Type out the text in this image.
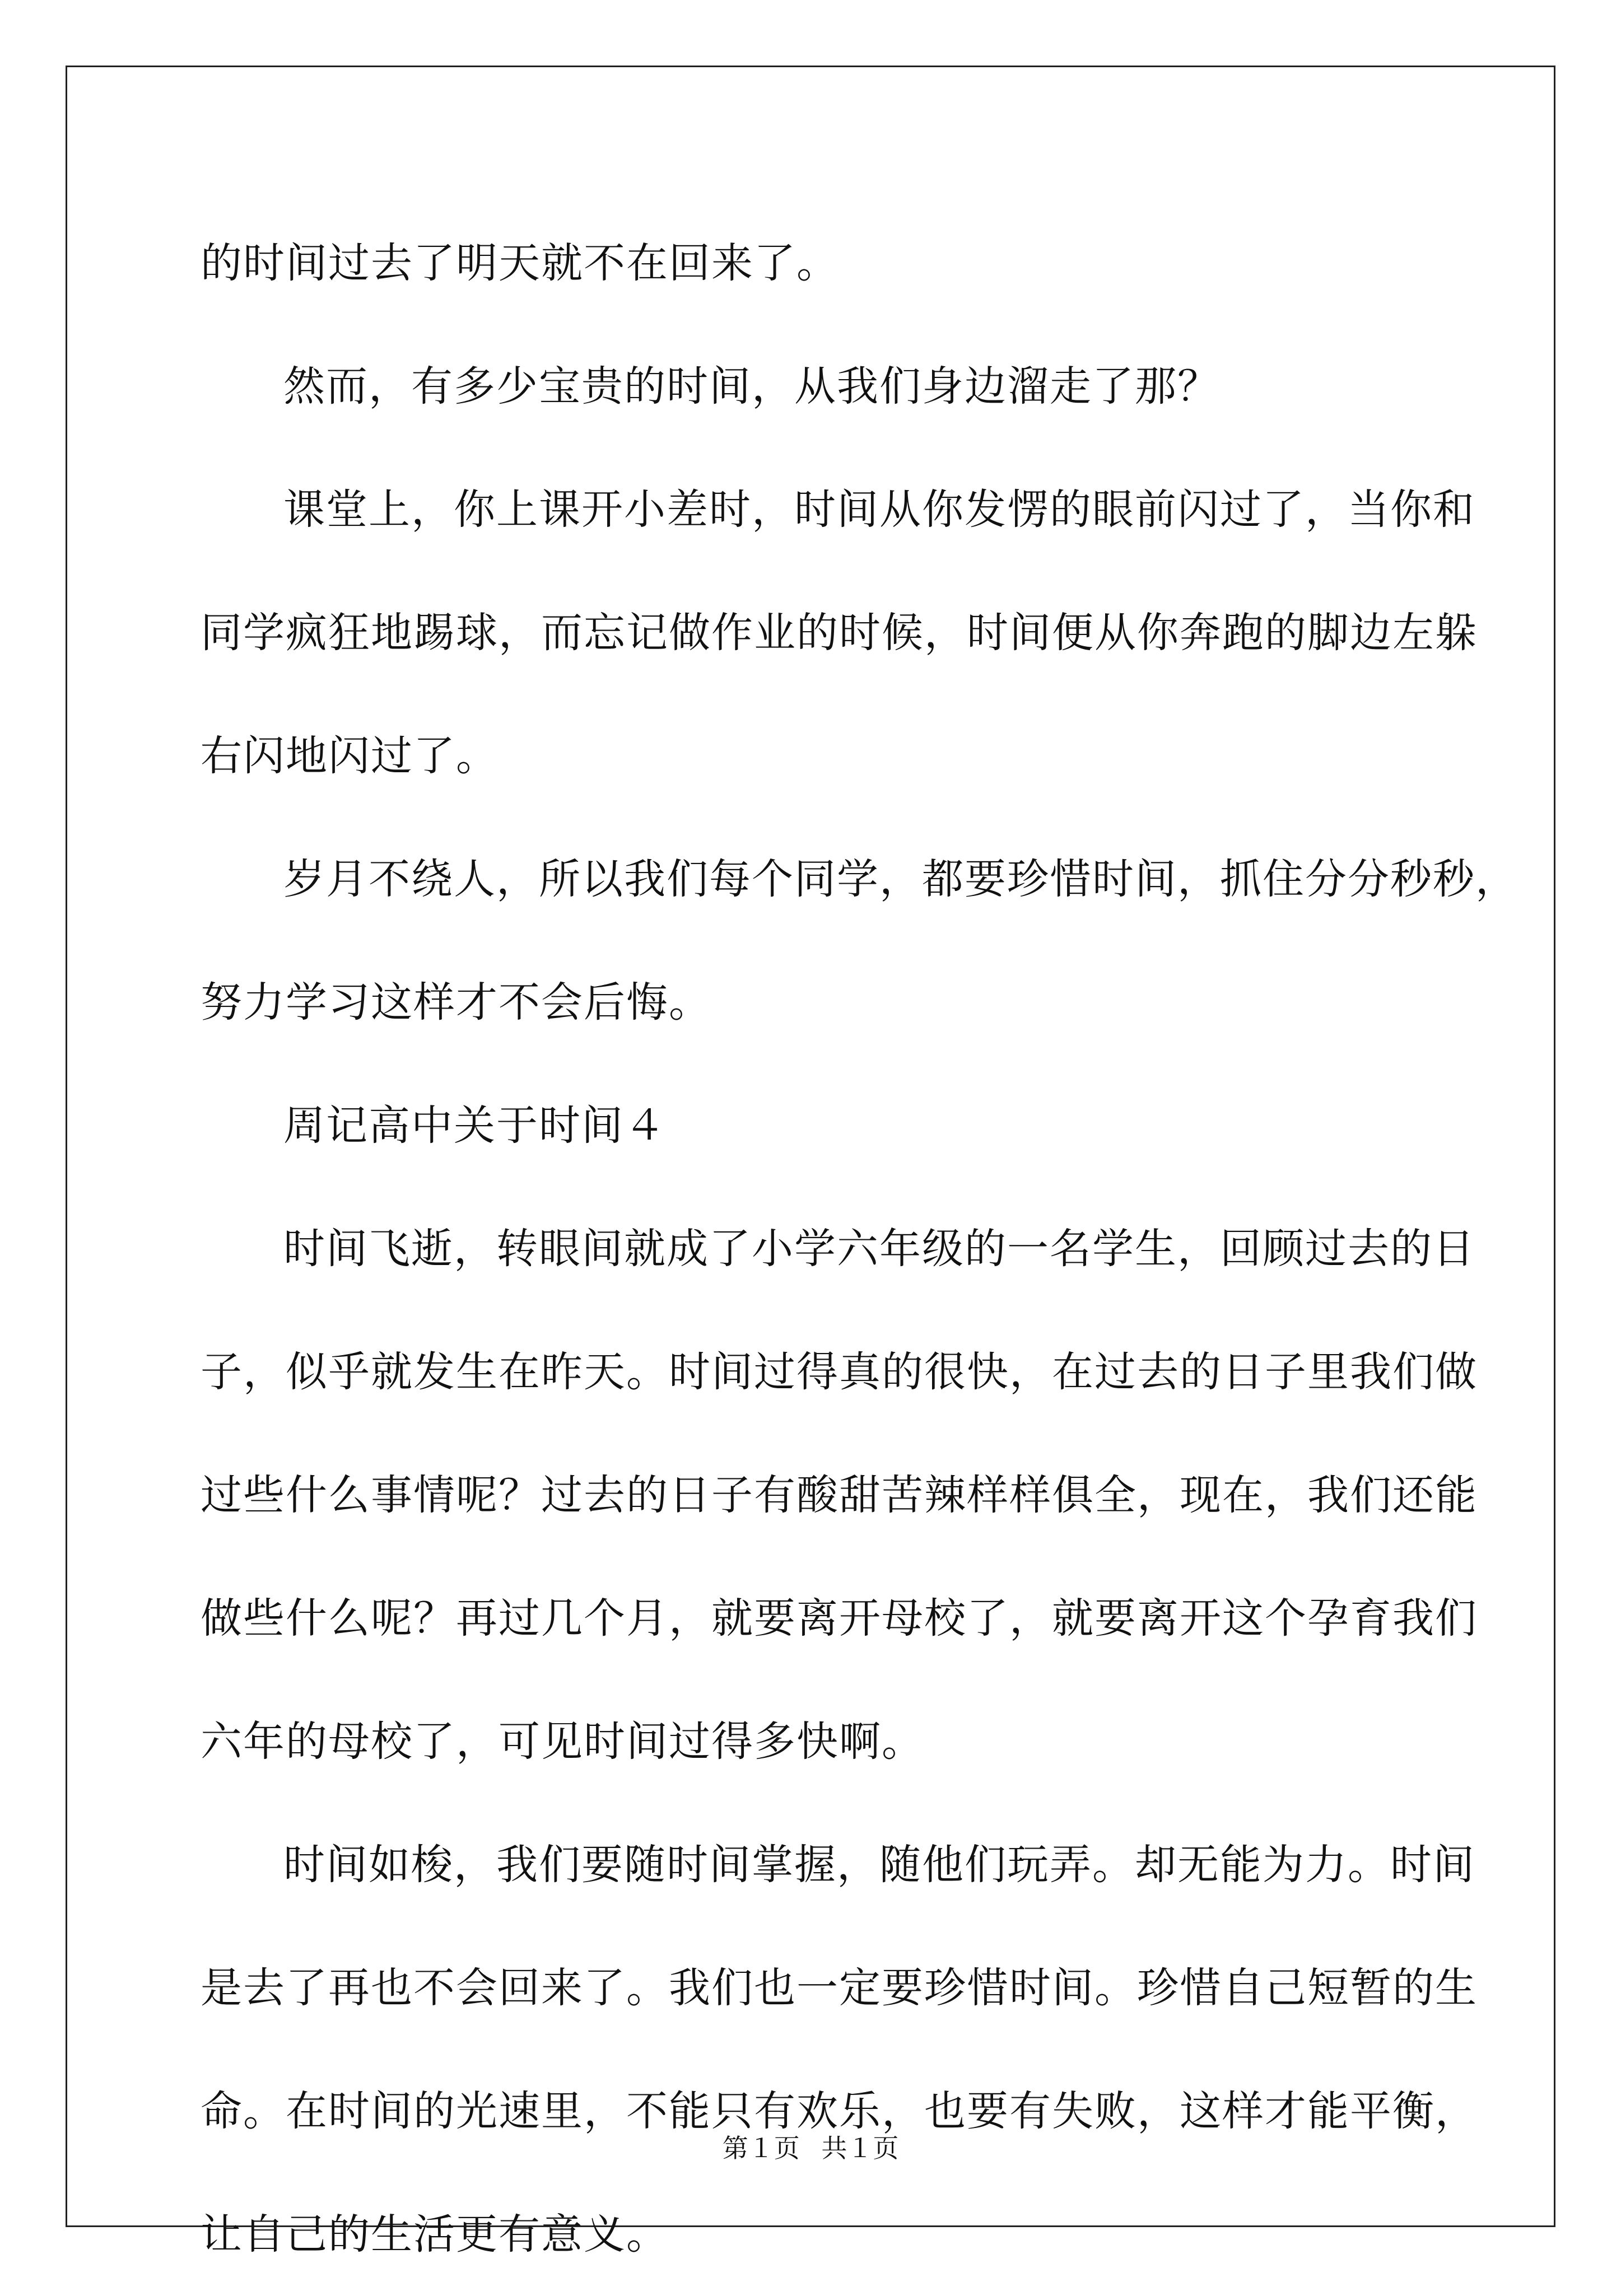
的时间过去了明天就不在回来了。
然而，有多少宝贵的时间，从我们身边溜走了那？
课堂上，你上课开小差时，时间从你发愣的眼前闪过了，当你和
同学疯狂地踢球，而忘记做作业的时候，时间便从你奔跑的脚边左躲
右闪地闪过了。
岁月不绕人，所以我们每个同学，都要珍惜时间，抓住分分秒秒，
努力学习这样才不会后悔。
周记高中关于时间４
时间飞逝，转眼间就成了小学六年级的一名学生，回顾过去的日
子，似乎就发生在昨天。时间过得真的很快，在过去的日子里我们做
过些什么事情呢？过去的日子有酸甜苦辣样样俱全，现在，我们还能
做些什么呢？再过几个月，就要离开母校了，就要离开这个孕育我们
六年的母校了，可见时间过得多快啊。
时间如梭，我们要随时间掌握，随他们玩弄。却无能为力。时间
是去了再也不会回来了。我们也一定要珍惜时间。珍惜自己短暂的生
命。在时间的光速里，不能只有欢乐，也要有失败，这样才能平衡，
让自己的生活更有意义。
第１页 共１页
